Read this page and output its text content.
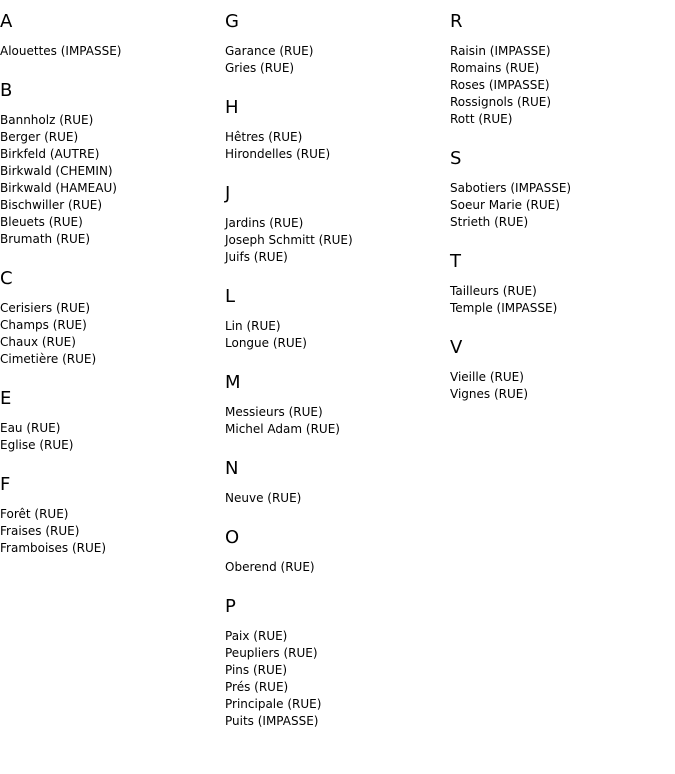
A
Alouettes (IMPASSE)
B
Bannholz (RUE)
Berger (RUE)
Birkfeld (AUTRE)
Birkwald (CHEMIN)
Birkwald (HAMEAU)
Bischwiller (RUE)
Bleuets (RUE)
Brumath (RUE)
C
Cerisiers (RUE)
Champs (RUE)
Chaux (RUE)
Cimetière (RUE)
E
Eau (RUE)
Eglise (RUE)
F
Forêt (RUE)
Fraises (RUE)
Framboises (RUE)
G
Garance (RUE)
Gries (RUE)
H
Hêtres (RUE)
Hirondelles (RUE)
J
Jardins (RUE)
Joseph Schmitt (RUE)
Juifs (RUE)
L
Lin (RUE)
Longue (RUE)
M
Messieurs (RUE)
Michel Adam (RUE)
N
Neuve (RUE)
O
Oberend (RUE)
P
Paix (RUE)
Peupliers (RUE)
Pins (RUE)
Prés (RUE)
Principale (RUE)
Puits (IMPASSE)
R
Raisin (IMPASSE)
Romains (RUE)
Roses (IMPASSE)
Rossignols (RUE)
Rott (RUE)
S
Sabotiers (IMPASSE)
Soeur Marie (RUE)
Strieth (RUE)
T
Tailleurs (RUE)
Temple (IMPASSE)
V
Vieille (RUE)
Vignes (RUE)
